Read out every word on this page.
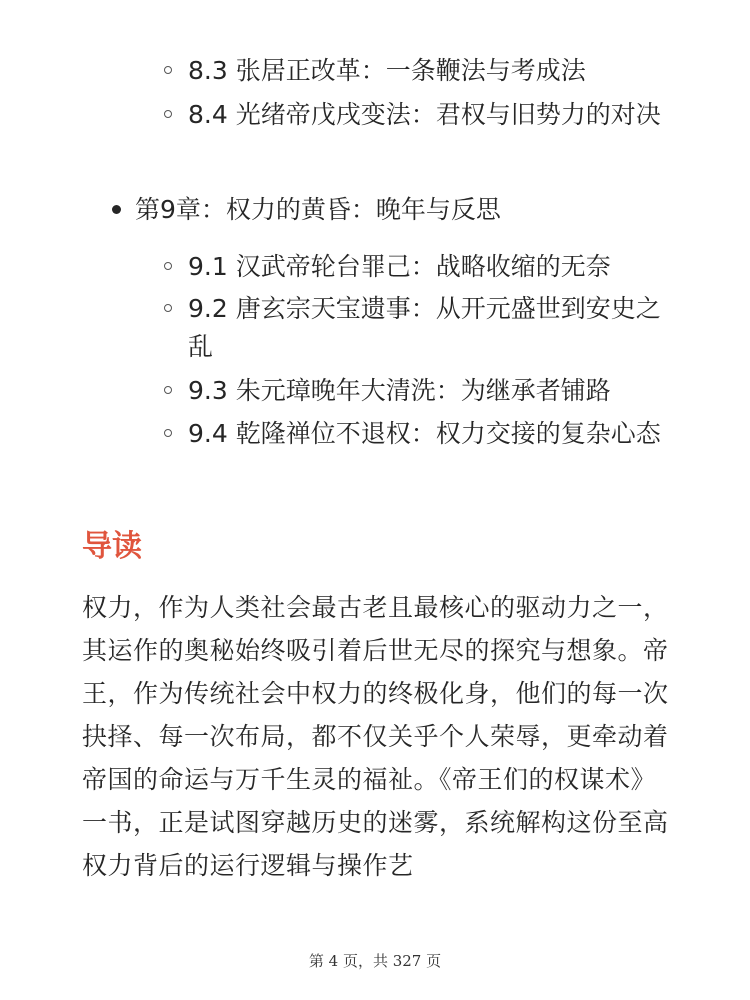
8.3 张居正改革：一条鞭法与考成法
8.4 光绪帝戊戌变法：君权与旧势力的对决
第9章：权力的黄昏：晚年与反思
9.1 汉武帝轮台罪己：战略收缩的无奈
9.2 唐玄宗天宝遗事：从开元盛世到安史之乱
9.3 朱元璋晚年大清洗：为继承者铺路
9.4 乾隆禅位不退权：权力交接的复杂心态
导读
权力，作为人类社会最古老且最核心的驱动力之一，其运作的奥秘始终吸引着后世无尽的探究与想象。帝王，作为传统社会中权力的终极化身，他们的每一次抉择、每一次布局，都不仅关乎个人荣辱，更牵动着帝国的命运与万千生灵的福祉。《帝王们的权谋术》一书，正是试图穿越历史的迷雾，系统解构这份至高权力背后的运行逻辑与操作艺
第 4 页，共 327 页
